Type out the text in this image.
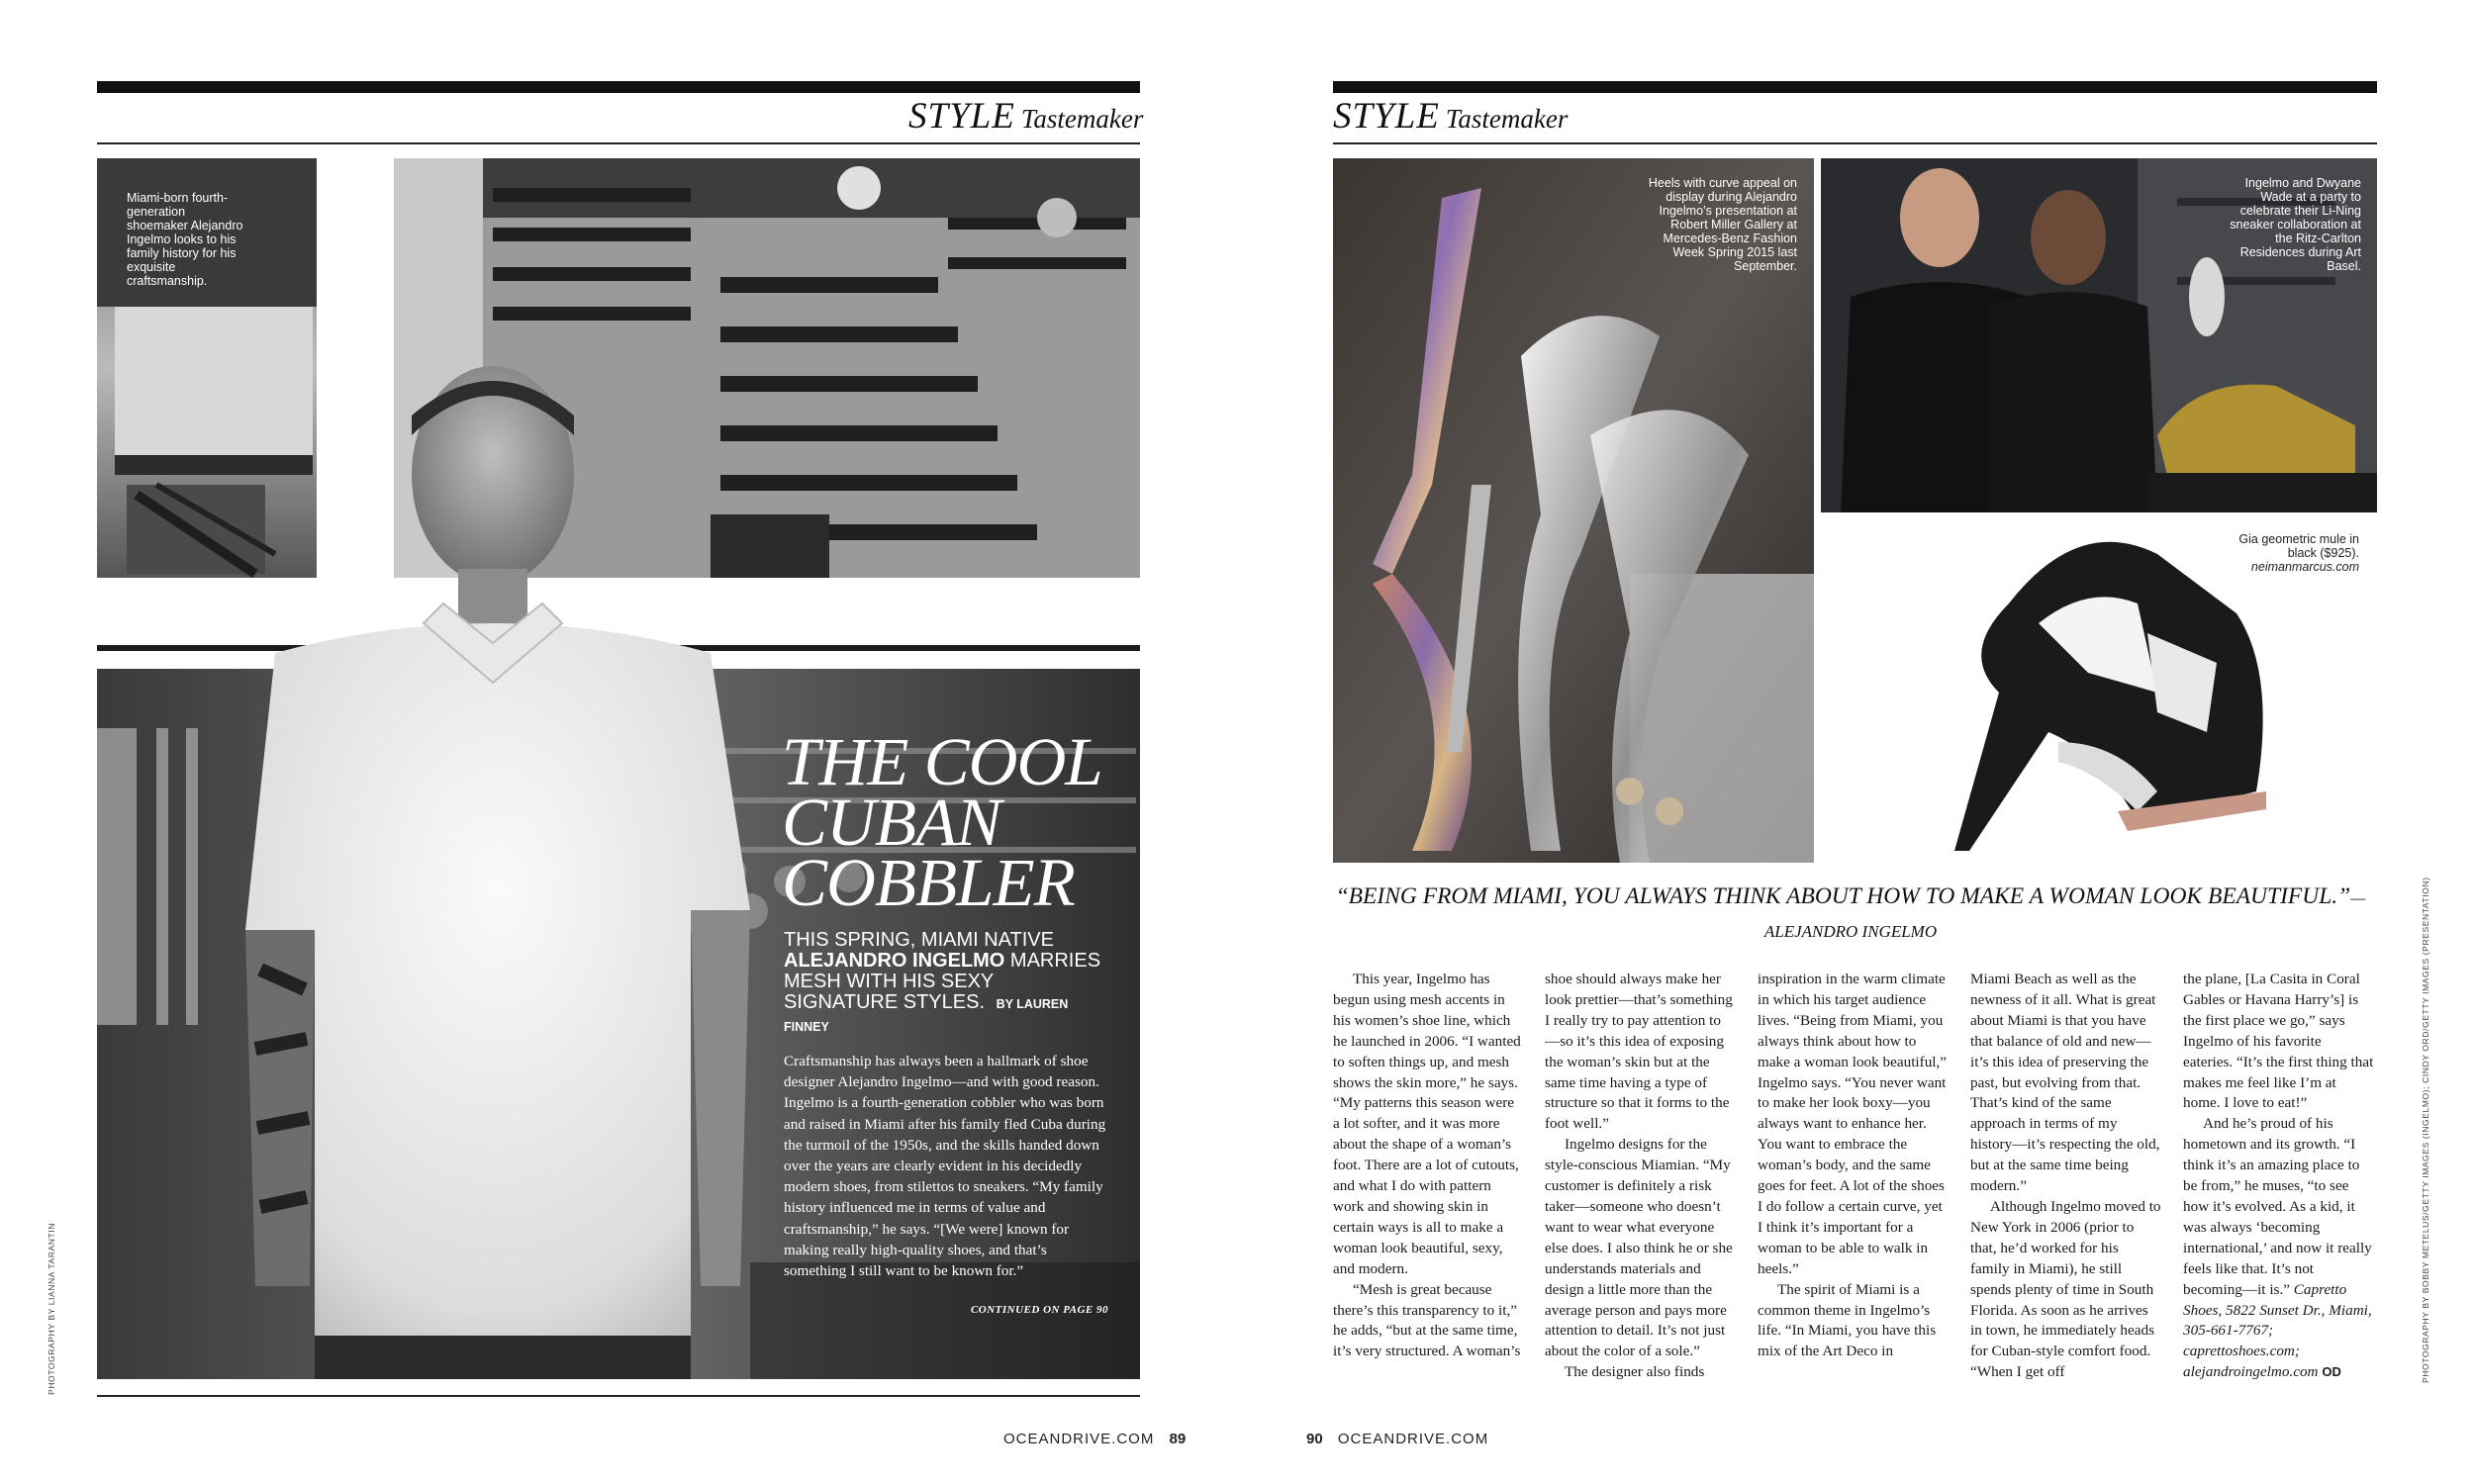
STYLE Tastemaker
Miami-born fourth-generation shoemaker Alejandro Ingelmo looks to his family history for his exquisite craftsmanship.
THE COOL
CUBAN
COBBLER
THIS SPRING, MIAMI NATIVE ALEJANDRO INGELMO MARRIES MESH WITH HIS SEXY SIGNATURE STYLES. BY LAUREN FINNEY
Craftsmanship has always been a hallmark of shoe designer Alejandro Ingelmo—and with good reason. Ingelmo is a fourth-generation cobbler who was born and raised in Miami after his family fled Cuba during the turmoil of the 1950s, and the skills handed down over the years are clearly evident in his decidedly modern shoes, from stilettos to sneakers. “My family history influenced me in terms of value and craftsmanship,” he says. “[We were] known for making really high-quality shoes, and that’s something I still want to be known for.”
CONTINUED ON PAGE 90
PHOTOGRAPHY BY LIANNA TARANTIN
OCEANDRIVE.COM 89
STYLE Tastemaker
Heels with curve appeal on display during Alejandro Ingelmo’s presentation at Robert Miller Gallery at Mercedes-Benz Fashion Week Spring 2015 last September.
Ingelmo and Dwyane Wade at a party to celebrate their Li-Ning sneaker collaboration at the Ritz-Carlton Residences during Art Basel.
Gia geometric mule in black ($925).
neimanmarcus.com
“BEING FROM MIAMI, YOU ALWAYS THINK ABOUT HOW TO MAKE A WOMAN LOOK BEAUTIFUL.”—ALEJANDRO INGELMO

This year, Ingelmo has begun using mesh accents in his women’s shoe line, which he launched in 2006. “I wanted to soften things up, and mesh shows the skin more,” he says. “My patterns this season were a lot softer, and it was more about the shape of a woman’s foot. There are a lot of cutouts, and what I do with pattern work and showing skin in certain ways is all to make a woman look beautiful, sexy, and modern.

“Mesh is great because there’s this transparency to it,” he adds, “but at the same time, it’s very structured. A woman’s

shoe should always make her look prettier—that’s something I really try to pay attention to—so it’s this idea of exposing the woman’s skin but at the same time having a type of structure so that it forms to the foot well.”

Ingelmo designs for the style-conscious Miamian. “My customer is definitely a risk taker—someone who doesn’t want to wear what everyone else does. I also think he or she understands materials and design a little more than the average person and pays more attention to detail. It’s not just about the color of a sole.”

The designer also finds

inspiration in the warm climate in which his target audience lives. “Being from Miami, you always think about how to make a woman look beautiful,” Ingelmo says. “You never want to make her look boxy—you always want to enhance her. You want to embrace the woman’s body, and the same goes for feet. A lot of the shoes I do follow a certain curve, yet I think it’s important for a woman to be able to walk in heels.”

The spirit of Miami is a common theme in Ingelmo’s life. “In Miami, you have this mix of the Art Deco in

Miami Beach as well as the newness of it all. What is great about Miami is that you have that balance of old and new—it’s this idea of preserving the past, but evolving from that. That’s kind of the same approach in terms of my history—it’s respecting the old, but at the same time being modern.”

Although Ingelmo moved to New York in 2006 (prior to that, he’d worked for his family in Miami), he still spends plenty of time in South Florida. As soon as he arrives in town, he immediately heads for Cuban-style comfort food. “When I get off

the plane, [La Casita in Coral Gables or Havana Harry’s] is the first place we go,” says Ingelmo of his favorite eateries. “It’s the first thing that makes me feel like I’m at home. I love to eat!”

And he’s proud of his hometown and its growth. “I think it’s an amazing place to be from,” he muses, “to see how it’s evolved. As a kid, it was always ‘becoming international,’ and now it really feels like that. It’s not becoming—it is.” Capretto Shoes, 5822 Sunset Dr., Miami, 305-661-7767; caprettoshoes.com; alejandroingelmo.com OD	PHOTOGRAPHY BY BOBBY METELUS/GETTY IMAGES (INGELMO); CINDY ORD/GETTY IMAGES (PRESENTATION)
90 OCEANDRIVE.COM
